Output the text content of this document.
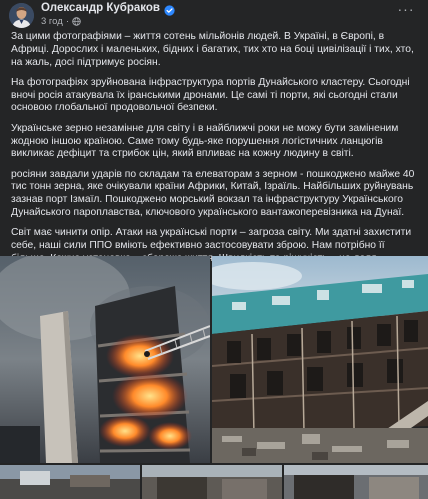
Олександр Кубраков
3 год ·
···

За цими фотографіями – життя сотень мільйонів людей. В Україні, в Європі, в Африці. Дорослих і маленьких, бідних і багатих, тих хто на боці цивілізації і тих, хто, на жаль, досі підтримує росіян.

На фотографіях зруйнована інфраструктура портів Дунайського кластеру. Сьогодні вночі росія атакувала їх іранськими дронами. Це самі ті порти, які сьогодні стали основою глобальної продовольчої безпеки.

Українське зерно незамінне для світу і в найближчі роки не можу бути заміненим жодною іншою країною. Саме тому будь-яке порушення логістичних ланцюгів викликає дефіцит та стрибок цін, який впливає на кожну людину в світі.

росіяни завдали ударів по складам та елеваторам з зерном - пошкоджено майже 40 тис тонн зерна, яке очікували країни Африки, Китай, Ізраїль. Найбільших руйнувань зазнав порт Ізмаїл. Пошкоджено морський вокзал та інфраструктуру Українського Дунайського пароплавства, ключового українського вантажоперевізника на Дунаї.

Світ має чинити опір. Атаки на українські порти – загроза світу. Ми здатні захистити себе, наші сили ППО вміють ефективно застосовувати зброю. Нам потрібно її
